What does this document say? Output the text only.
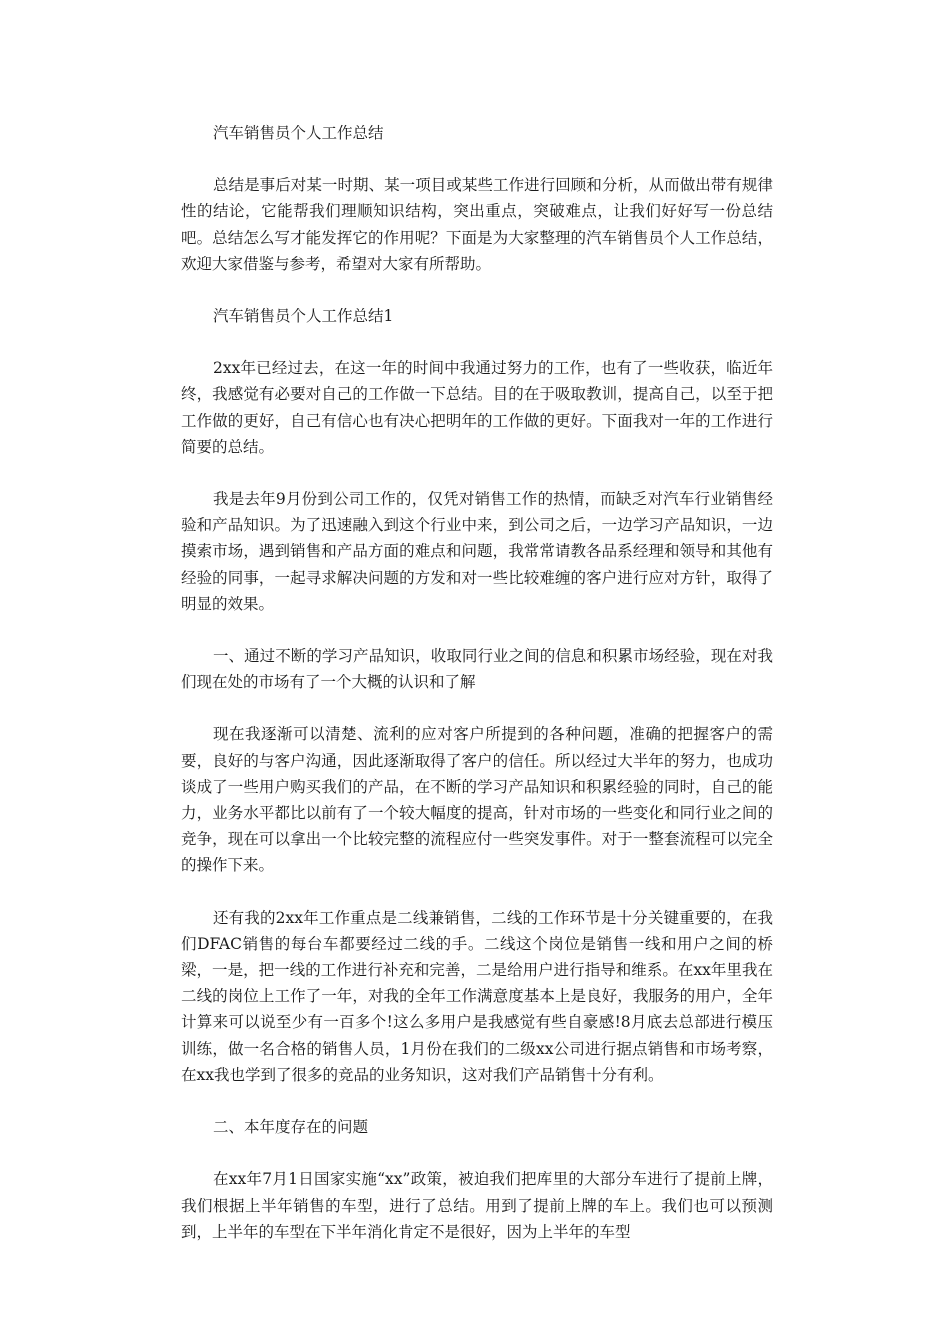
汽车销售员个人工作总结

总结是事后对某一时期、某一项目或某些工作进行回顾和分析，从而做出带有规律性的结论，它能帮我们理顺知识结构，突出重点，突破难点，让我们好好写一份总结吧。总结怎么写才能发挥它的作用呢？下面是为大家整理的汽车销售员个人工作总结，欢迎大家借鉴与参考，希望对大家有所帮助。

汽车销售员个人工作总结1

2xx年已经过去，在这一年的时间中我通过努力的工作，也有了一些收获，临近年终，我感觉有必要对自己的工作做一下总结。目的在于吸取教训，提高自己，以至于把工作做的更好，自己有信心也有决心把明年的工作做的更好。下面我对一年的工作进行简要的总结。

我是去年9月份到公司工作的，仅凭对销售工作的热情，而缺乏对汽车行业销售经验和产品知识。为了迅速融入到这个行业中来，到公司之后，一边学习产品知识，一边摸索市场，遇到销售和产品方面的难点和问题，我常常请教各品系经理和领导和其他有经验的同事，一起寻求解决问题的方发和对一些比较难缠的客户进行应对方针，取得了明显的效果。

一、通过不断的学习产品知识，收取同行业之间的信息和积累市场经验，现在对我们现在处的市场有了一个大概的认识和了解

现在我逐渐可以清楚、流利的应对客户所提到的各种问题，准确的把握客户的需要，良好的与客户沟通，因此逐渐取得了客户的信任。所以经过大半年的努力，也成功谈成了一些用户购买我们的产品，在不断的学习产品知识和积累经验的同时，自己的能力，业务水平都比以前有了一个较大幅度的提高，针对市场的一些变化和同行业之间的竞争，现在可以拿出一个比较完整的流程应付一些突发事件。对于一整套流程可以完全的操作下来。

还有我的2xx年工作重点是二线兼销售，二线的工作环节是十分关键重要的，在我们DFAC销售的每台车都要经过二线的手。二线这个岗位是销售一线和用户之间的桥梁，一是，把一线的工作进行补充和完善，二是给用户进行指导和维系。在xx年里我在二线的岗位上工作了一年，对我的全年工作满意度基本上是良好，我服务的用户，全年计算来可以说至少有一百多个!这么多用户是我感觉有些自豪感!8月底去总部进行模压训练，做一名合格的销售人员，1月份在我们的二级xx公司进行据点销售和市场考察，在xx我也学到了很多的竞品的业务知识，这对我们产品销售十分有利。

二、本年度存在的问题

在xx年7月1日国家实施“xx”政策，被迫我们把库里的大部分车进行了提前上牌，我们根据上半年销售的车型，进行了总结。用到了提前上牌的车上。我们也可以预测到，上半年的车型在下半年消化肯定不是很好，因为上半年的车型
